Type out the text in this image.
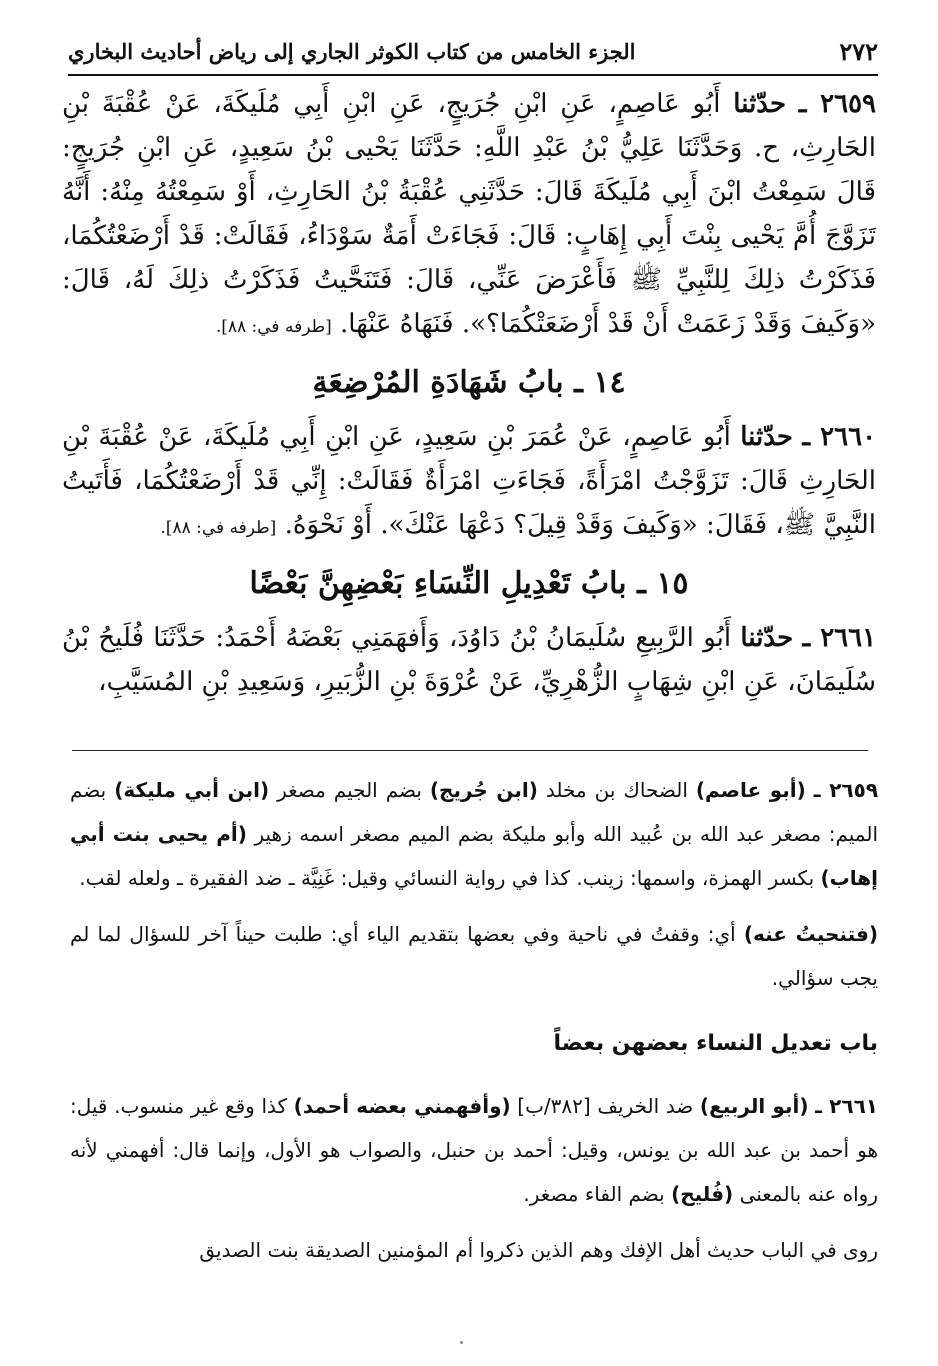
٢٧٢
الجزء الخامس من كتاب الكوثر الجاري إلى رياض أحاديث البخاري

٢٦٥٩ ـ حدّثنا أَبُو عَاصِمٍ، عَنِ ابْنِ جُرَيجٍ، عَنِ ابْنِ أَبِي مُلَيكَةَ، عَنْ عُقْبَةَ بْنِ الحَارِثِ، ح. وَحَدَّثَنَا عَلِيُّ بْنُ عَبْدِ اللَّهِ: حَدَّثَنَا يَحْيى بْنُ سَعِيدٍ، عَنِ ابْنِ جُرَيجٍ: قَالَ سَمِعْتُ ابْنَ أَبِي مُلَيكَةَ قَالَ: حَدَّثَنِي عُقْبَةُ بْنُ الحَارِثِ، أَوْ سَمِعْتُهُ مِنْهُ: أَنَّهُ تَزَوَّجَ أُمَّ يَحْيى بِنْتَ أَبِي إِهَابٍ: قَالَ: فَجَاءَتْ أَمَةٌ سَوْدَاءُ، فَقَالَتْ: قَدْ أَرْضَعْتُكُمَا، فَذَكَرْتُ ذلِكَ لِلنَّبِيِّ ﷺ فَأَعْرَضَ عَنِّي، قَالَ: فَتَنَحَّيتُ فَذَكَرْتُ ذلِكَ لَهُ، قَالَ: «وَكَيفَ وَقَدْ زَعَمَتْ أَنْ قَدْ أَرْضَعَتْكُمَا؟». فَنَهَاهُ عَنْهَا. [طرفه في: ٨٨].

١٤ ـ بابُ شَهَادَةِ المُرْضِعَةِ

٢٦٦٠ ـ حدّثنا أَبُو عَاصِمٍ، عَنْ عُمَرَ بْنِ سَعِيدٍ، عَنِ ابْنِ أَبِي مُلَيكَةَ، عَنْ عُقْبَةَ بْنِ الحَارِثِ قَالَ: تَزَوَّجْتُ امْرَأَةً، فَجَاءَتِ امْرَأَةٌ فَقَالَتْ: إِنِّي قَدْ أَرْضَعْتُكُمَا، فَأَتَيتُ النَّبِيَّ ﷺ، فَقَالَ: «وَكَيفَ وَقَدْ قِيلَ؟ دَعْهَا عَنْكَ». أَوْ نَحْوَهُ. [طرفه في: ٨٨].

١٥ ـ بابُ تَعْدِيلِ النِّسَاءِ بَعْضِهِنَّ بَعْضًا

٢٦٦١ ـ حدّثنا أَبُو الرَّبِيعِ سُلَيمَانُ بْنُ دَاوُدَ، وَأَفهَمَنِي بَعْضَهُ أَحْمَدُ: حَدَّثَنَا فُلَيحُ بْنُ سُلَيمَانَ، عَنِ ابْنِ شِهَابٍ الزُّهْرِيِّ، عَنْ عُرْوَةَ بْنِ الزُّبَيرِ، وَسَعِيدِ بْنِ المُسَيَّبِ،

٢٦٥٩ ـ (أبو عاصم) الضحاك بن مخلد (ابن جُريج) بضم الجيم مصغر (ابن أبي مليكة) بضم الميم: مصغر عبد الله بن عُبيد الله وأبو مليكة بضم الميم مصغر اسمه زهير (أم يحيى بنت أبي إهاب) بكسر الهمزة، واسمها: زينب. كذا في رواية النسائي وقيل: غَنِيَّة ـ ضد الفقيرة ـ ولعله لقب.

(فتنحيتُ عنه) أي: وقفتُ في ناحية وفي بعضها بتقديم الياء أي: طلبت حيناً آخر للسؤال لما لم يجب سؤالي.

باب تعديل النساء بعضهن بعضاً

٢٦٦١ ـ (أبو الربيع) ضد الخريف [٣٨٢/ب] (وأفهمني بعضه أحمد) كذا وقع غير منسوب. قيل: هو أحمد بن عبد الله بن يونس، وقيل: أحمد بن حنبل، والصواب هو الأول، وإنما قال: أفهمني لأنه رواه عنه بالمعنى (فُليح) بضم الفاء مصغر.

روى في الباب حديث أهل الإفك وهم الذين ذكروا أم المؤمنين الصديقة بنت الصديق
